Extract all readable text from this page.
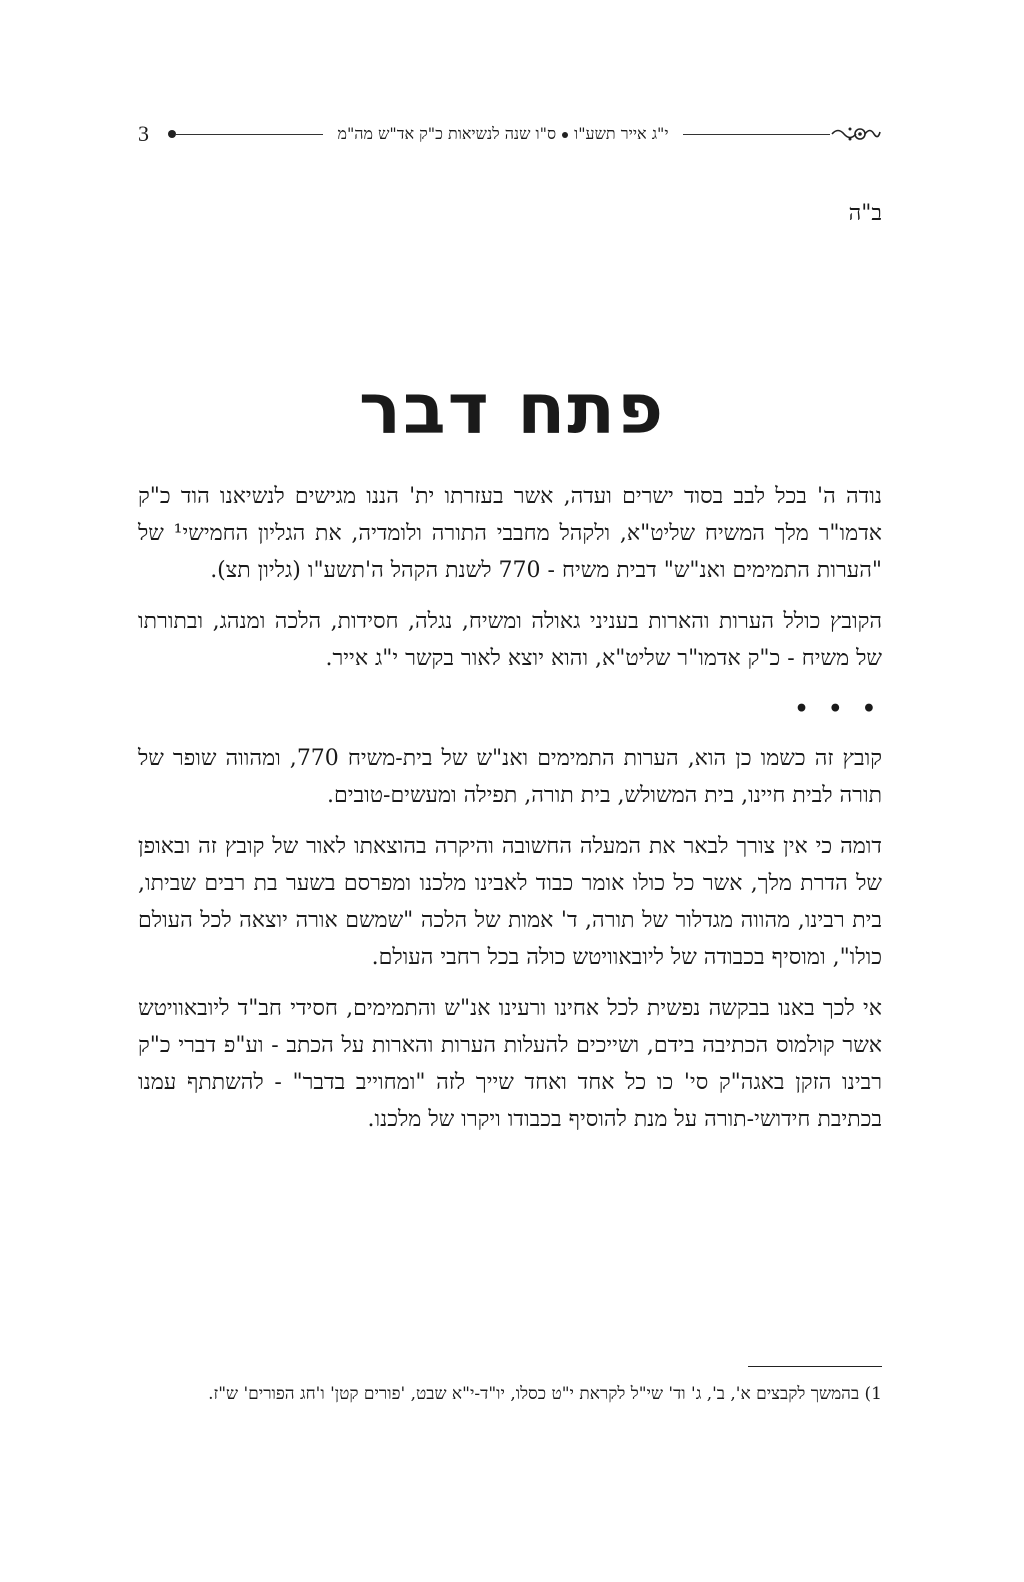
3	י"ג אייר תשע"וס"ו שנה לנשיאות כ"ק אד"ש מה"מ
ב"ה
פתח דבר

נודה ה' בכל לבב בסוד ישרים ועדה, אשר בעזרתו ית' הננו מגישים לנשיאנו הוד כ"ק אדמו"ר מלך המשיח שליט"א, ולקהל מחבבי התורה ולומדיה, את הגליון החמישי¹ של "הערות התמימים ואנ"ש" דבית משיח - 770 לשנת הקהל ה'תשע"ו (גליון תצ).

הקובץ כולל הערות והארות בעניני גאולה ומשיח, נגלה, חסידות, הלכה ומנהג, ובתורתו של משיח - כ"ק אדמו"ר שליט"א, והוא יוצא לאור בקשר י"ג אייר.

• • •

קובץ זה כשמו כן הוא, הערות התמימים ואנ"ש של בית-משיח 770, ומהווה שופר של תורה לבית חיינו, בית המשולש, בית תורה, תפילה ומעשים-טובים.

דומה כי אין צורך לבאר את המעלה החשובה והיקרה בהוצאתו לאור של קובץ זה ובאופן של הדרת מלך, אשר כל כולו אומר כבוד לאבינו מלכנו ומפרסם בשער בת רבים שביתו, בית רבינו, מהווה מגדלור של תורה, ד' אמות של הלכה "שמשם אורה יוצאה לכל העולם כולו", ומוסיף בכבודה של ליובאוויטש כולה בכל רחבי העולם.

אי לכך באנו בבקשה נפשית לכל אחינו ורעינו אנ"ש והתמימים, חסידי חב"ד ליובאוויטש אשר קולמוס הכתיבה בידם, ושייכים להעלות הערות והארות על הכתב - וע"פ דברי כ"ק רבינו הזקן באגה"ק סי' כו כל אחד ואחד שייך לזה "ומחוייב בדבר" - להשתתף עמנו בכתיבת חידושי-תורה על מנת להוסיף בכבודו ויקרו של מלכנו.

1) בהמשך לקבצים א', ב', ג' וד' שי"ל לקראת י"ט כסלו, יו"ד-י"א שבט, 'פורים קטן' ו'חג הפורים' ש"ז.
